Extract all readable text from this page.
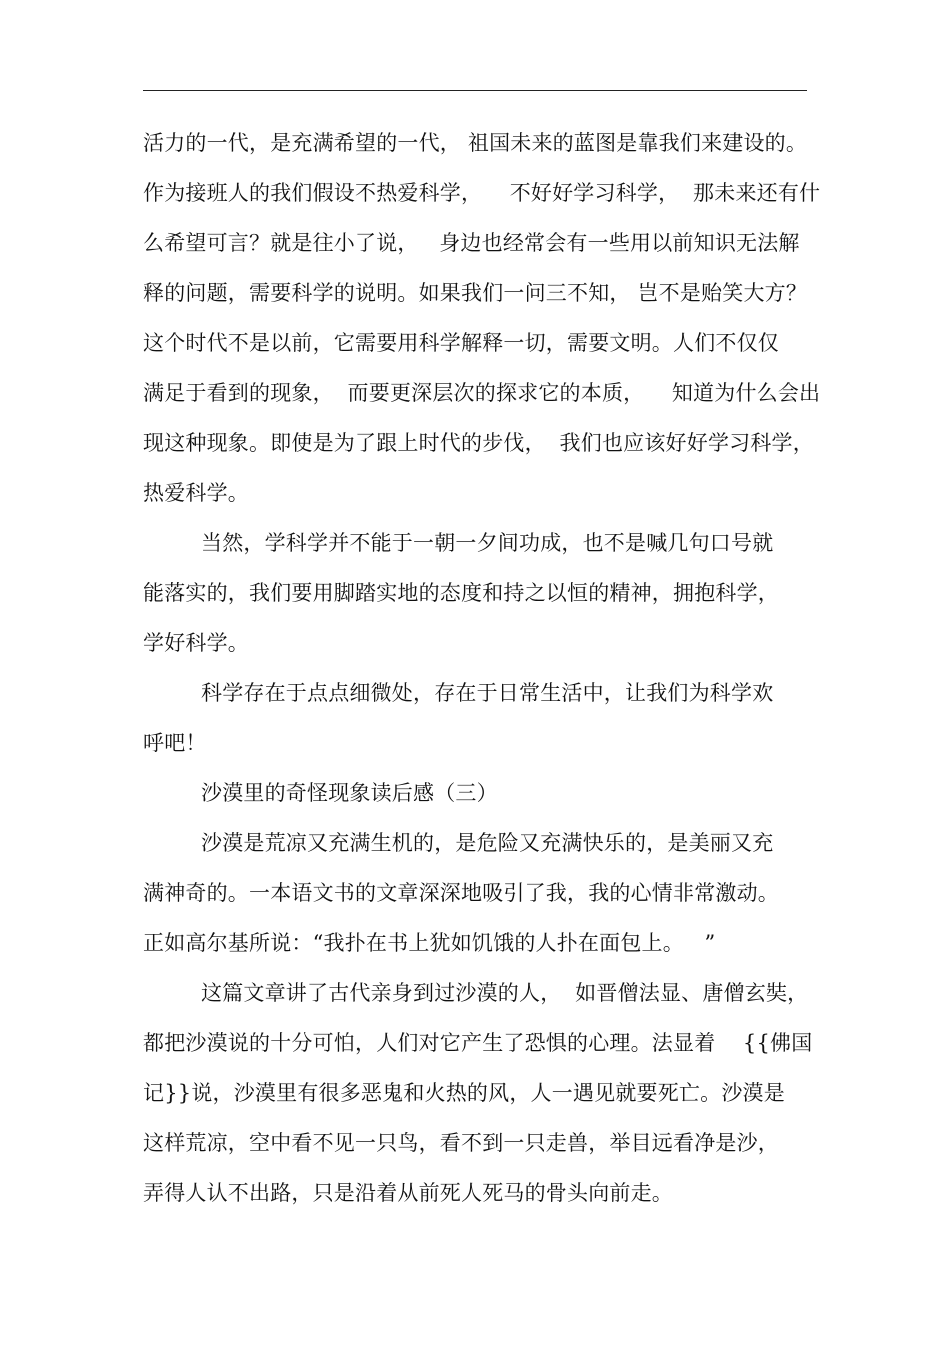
活力的一代，是充满希望的一代， 祖国未来的蓝图是靠我们来建设的。
作为接班人的我们假设不热爱科学，    不好好学习科学，  那未来还有什
么希望可言？就是往小了说，   身边也经常会有一些用以前知识无法解
释的问题，需要科学的说明。如果我们一问三不知， 岂不是贻笑大方？
这个时代不是以前，它需要用科学解释一切，需要文明。人们不仅仅
满足于看到的现象，  而要更深层次的探求它的本质，    知道为什么会出
现这种现象。即使是为了跟上时代的步伐，  我们也应该好好学习科学，
热爱科学。
当然，学科学并不能于一朝一夕间功成，也不是喊几句口号就
能落实的，我们要用脚踏实地的态度和持之以恒的精神，拥抱科学，
学好科学。
科学存在于点点细微处，存在于日常生活中，让我们为科学欢
呼吧！
沙漠里的奇怪现象读后感（三）
沙漠是荒凉又充满生机的，是危险又充满快乐的，是美丽又充
满神奇的。一本语文书的文章深深地吸引了我，我的心情非常激动。
正如高尔基所说：“我扑在书上犹如饥饿的人扑在面包上。   ”
这篇文章讲了古代亲身到过沙漠的人，  如晋僧法显、唐僧玄奘，
都把沙漠说的十分可怕，人们对它产生了恐惧的心理。法显着    {{佛国
记}}说，沙漠里有很多恶鬼和火热的风，人一遇见就要死亡。沙漠是
这样荒凉，空中看不见一只鸟，看不到一只走兽，举目远看净是沙，
弄得人认不出路，只是沿着从前死人死马的骨头向前走。
